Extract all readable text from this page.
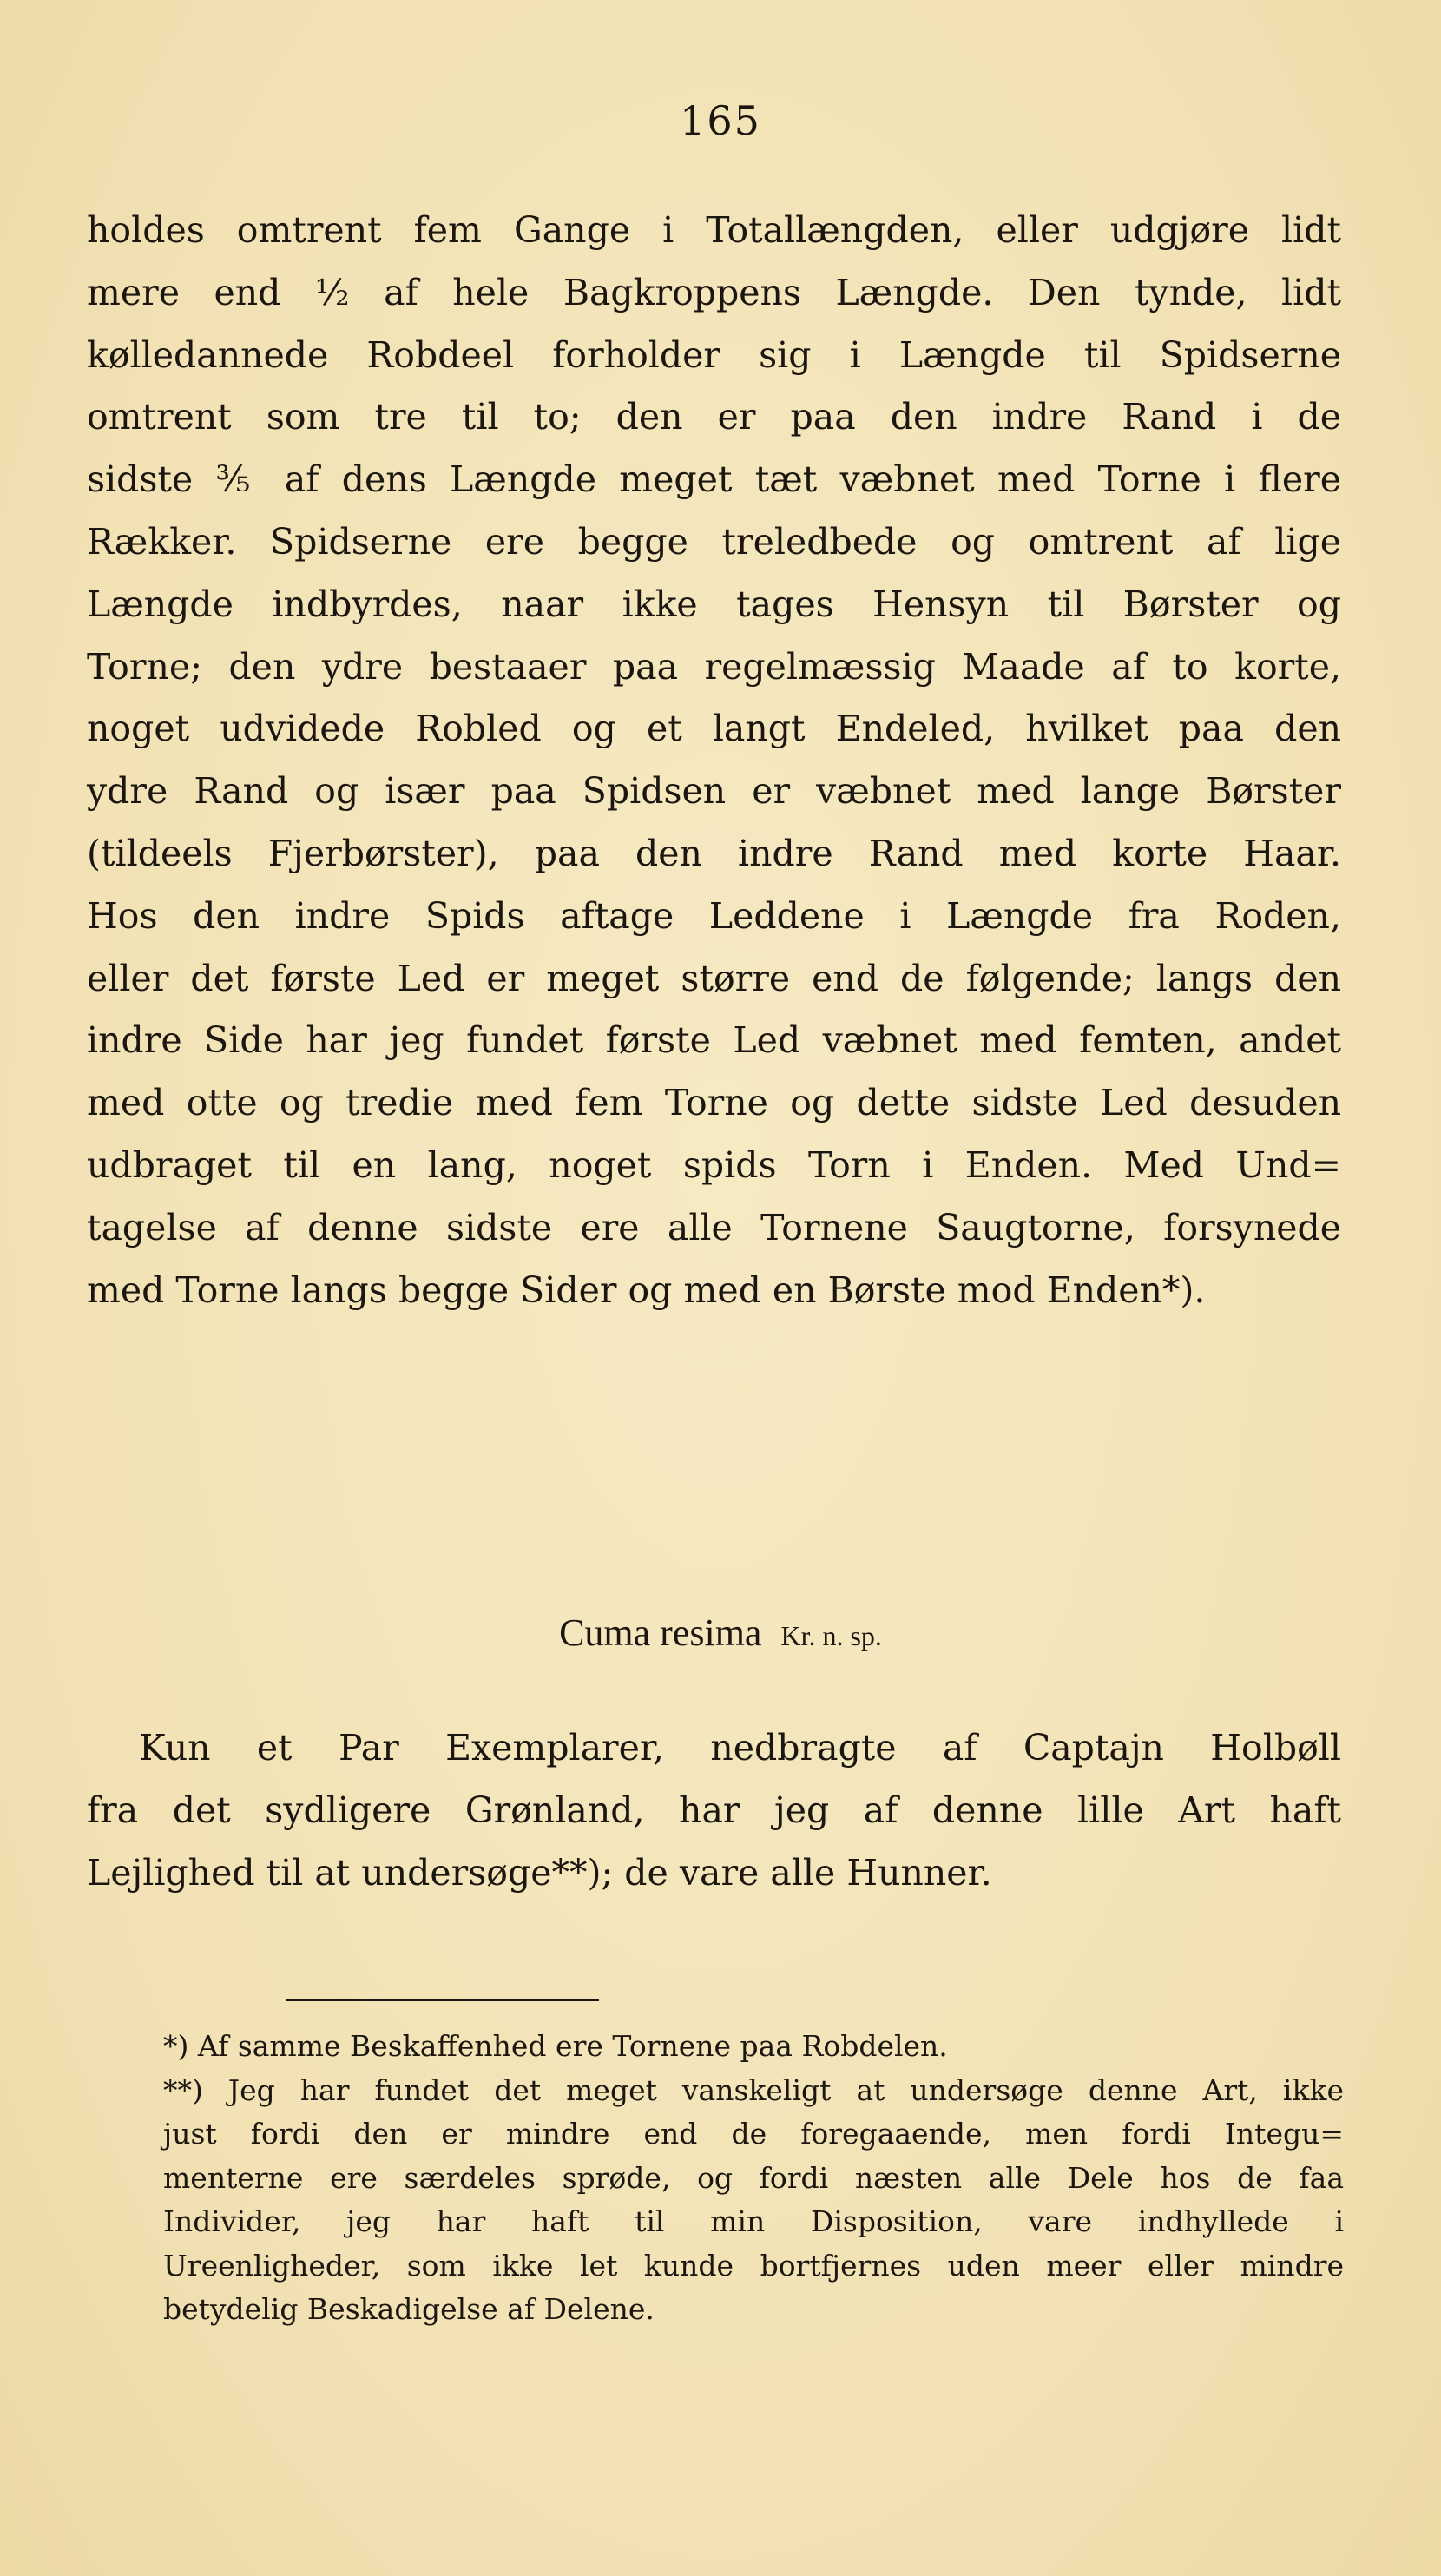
165
holdes omtrent fem Gange i Totallængden, eller udgjøre lidt
mere end ½ af hele Bagkroppens Længde. Den tynde, lidt
kølledannede Robdeel forholder sig i Længde til Spidserne
omtrent som tre til to; den er paa den indre Rand i de
sidste ⅗ af dens Længde meget tæt væbnet med Torne i flere
Rækker. Spidserne ere begge treledbede og omtrent af lige
Længde indbyrdes, naar ikke tages Hensyn til Børster og
Torne; den ydre bestaaer paa regelmæssig Maade af to korte,
noget udvidede Robled og et langt Endeled, hvilket paa den
ydre Rand og især paa Spidsen er væbnet med lange Børster
(tildeels Fjerbørster), paa den indre Rand med korte Haar.
Hos den indre Spids aftage Leddene i Længde fra Roden,
eller det første Led er meget større end de følgende; langs den
indre Side har jeg fundet første Led væbnet med femten, andet
med otte og tredie med fem Torne og dette sidste Led desuden
udbraget til en lang, noget spids Torn i Enden. Med Und=
tagelse af denne sidste ere alle Tornene Saugtorne, forsynede
med Torne langs begge Sider og med en Børste mod Enden*).
Cuma resima Kr. n. sp.
Kun et Par Exemplarer, nedbragte af Captajn Holbøll
fra det sydligere Grønland, har jeg af denne lille Art haft
Lejlighed til at undersøge**); de vare alle Hunner.
*) Af samme Beskaffenhed ere Tornene paa Robdelen.
**) Jeg har fundet det meget vanskeligt at undersøge denne Art, ikke
just fordi den er mindre end de foregaaende, men fordi Integu=
menterne ere særdeles sprøde, og fordi næsten alle Dele hos de faa
Individer, jeg har haft til min Disposition, vare indhyllede i
Ureenligheder, som ikke let kunde bortfjernes uden meer eller mindre
betydelig Beskadigelse af Delene.
